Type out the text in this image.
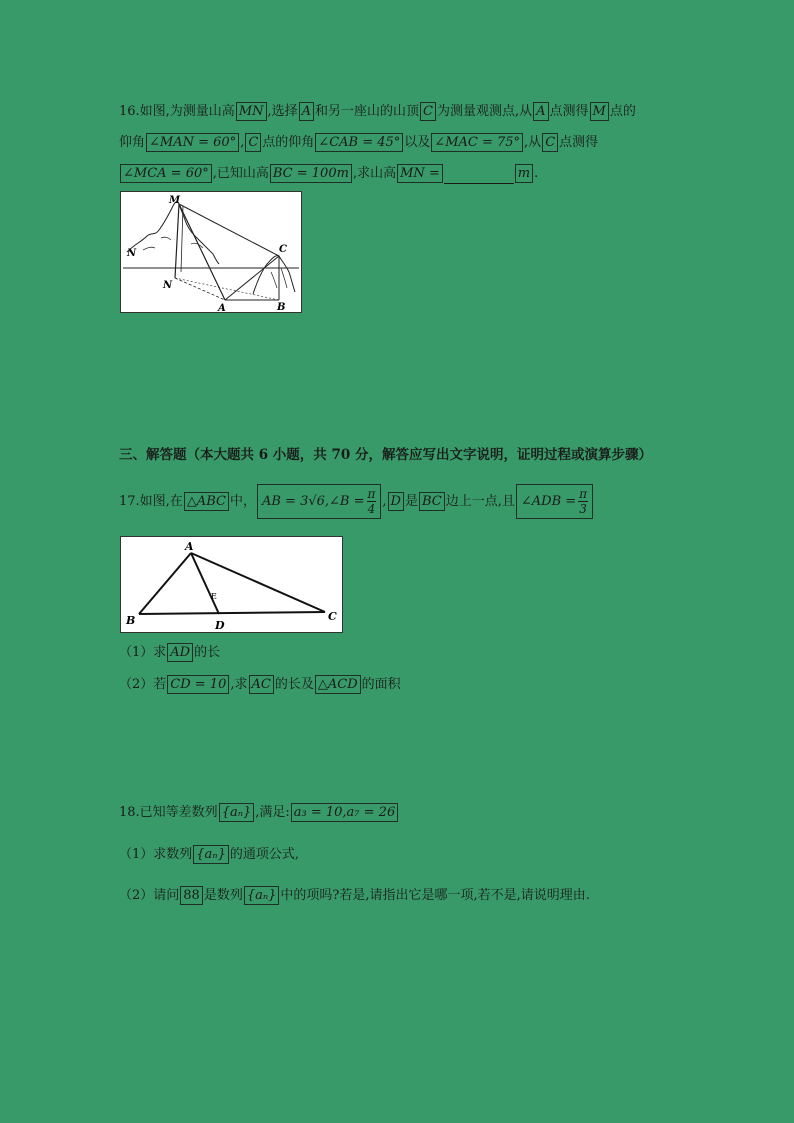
16.如图,为测量山高 MN ,选择 A 和另一座山的山顶 C 为测量观测点,从 A 点测得 M 点的
仰角 ∠MAN = 60° , C 点的仰角 ∠CAB = 45° 以及 ∠MAC = 75° ,从 C 点测得
∠MCA = 60° ,已知山高 BC = 100m ,求山高 MN =	m .
M
N
N
A	B
C
三、解答题（本大题共 6 小题，共 70 分，解答应写出文字说明，证明过程或演算步骤）
17.如图,在 △ABC 中， AB = 3√6,∠B = $\frac{\pi}{4}$ , D 是 BC 边上一点,且 ∠ADB = $\frac{\pi}{3}$
A
B	C
D
E
（1）求 AD 的长
（2）若 CD = 10 ,求 AC 的长及 △ACD 的面积
18.已知等差数列 {aₙ} ,满足: a₃ = 10,a₇ = 26
（1）求数列 {aₙ} 的通项公式,
（2）请问 88 是数列 {aₙ} 中的项吗?若是,请指出它是哪一项,若不是,请说明理由.
